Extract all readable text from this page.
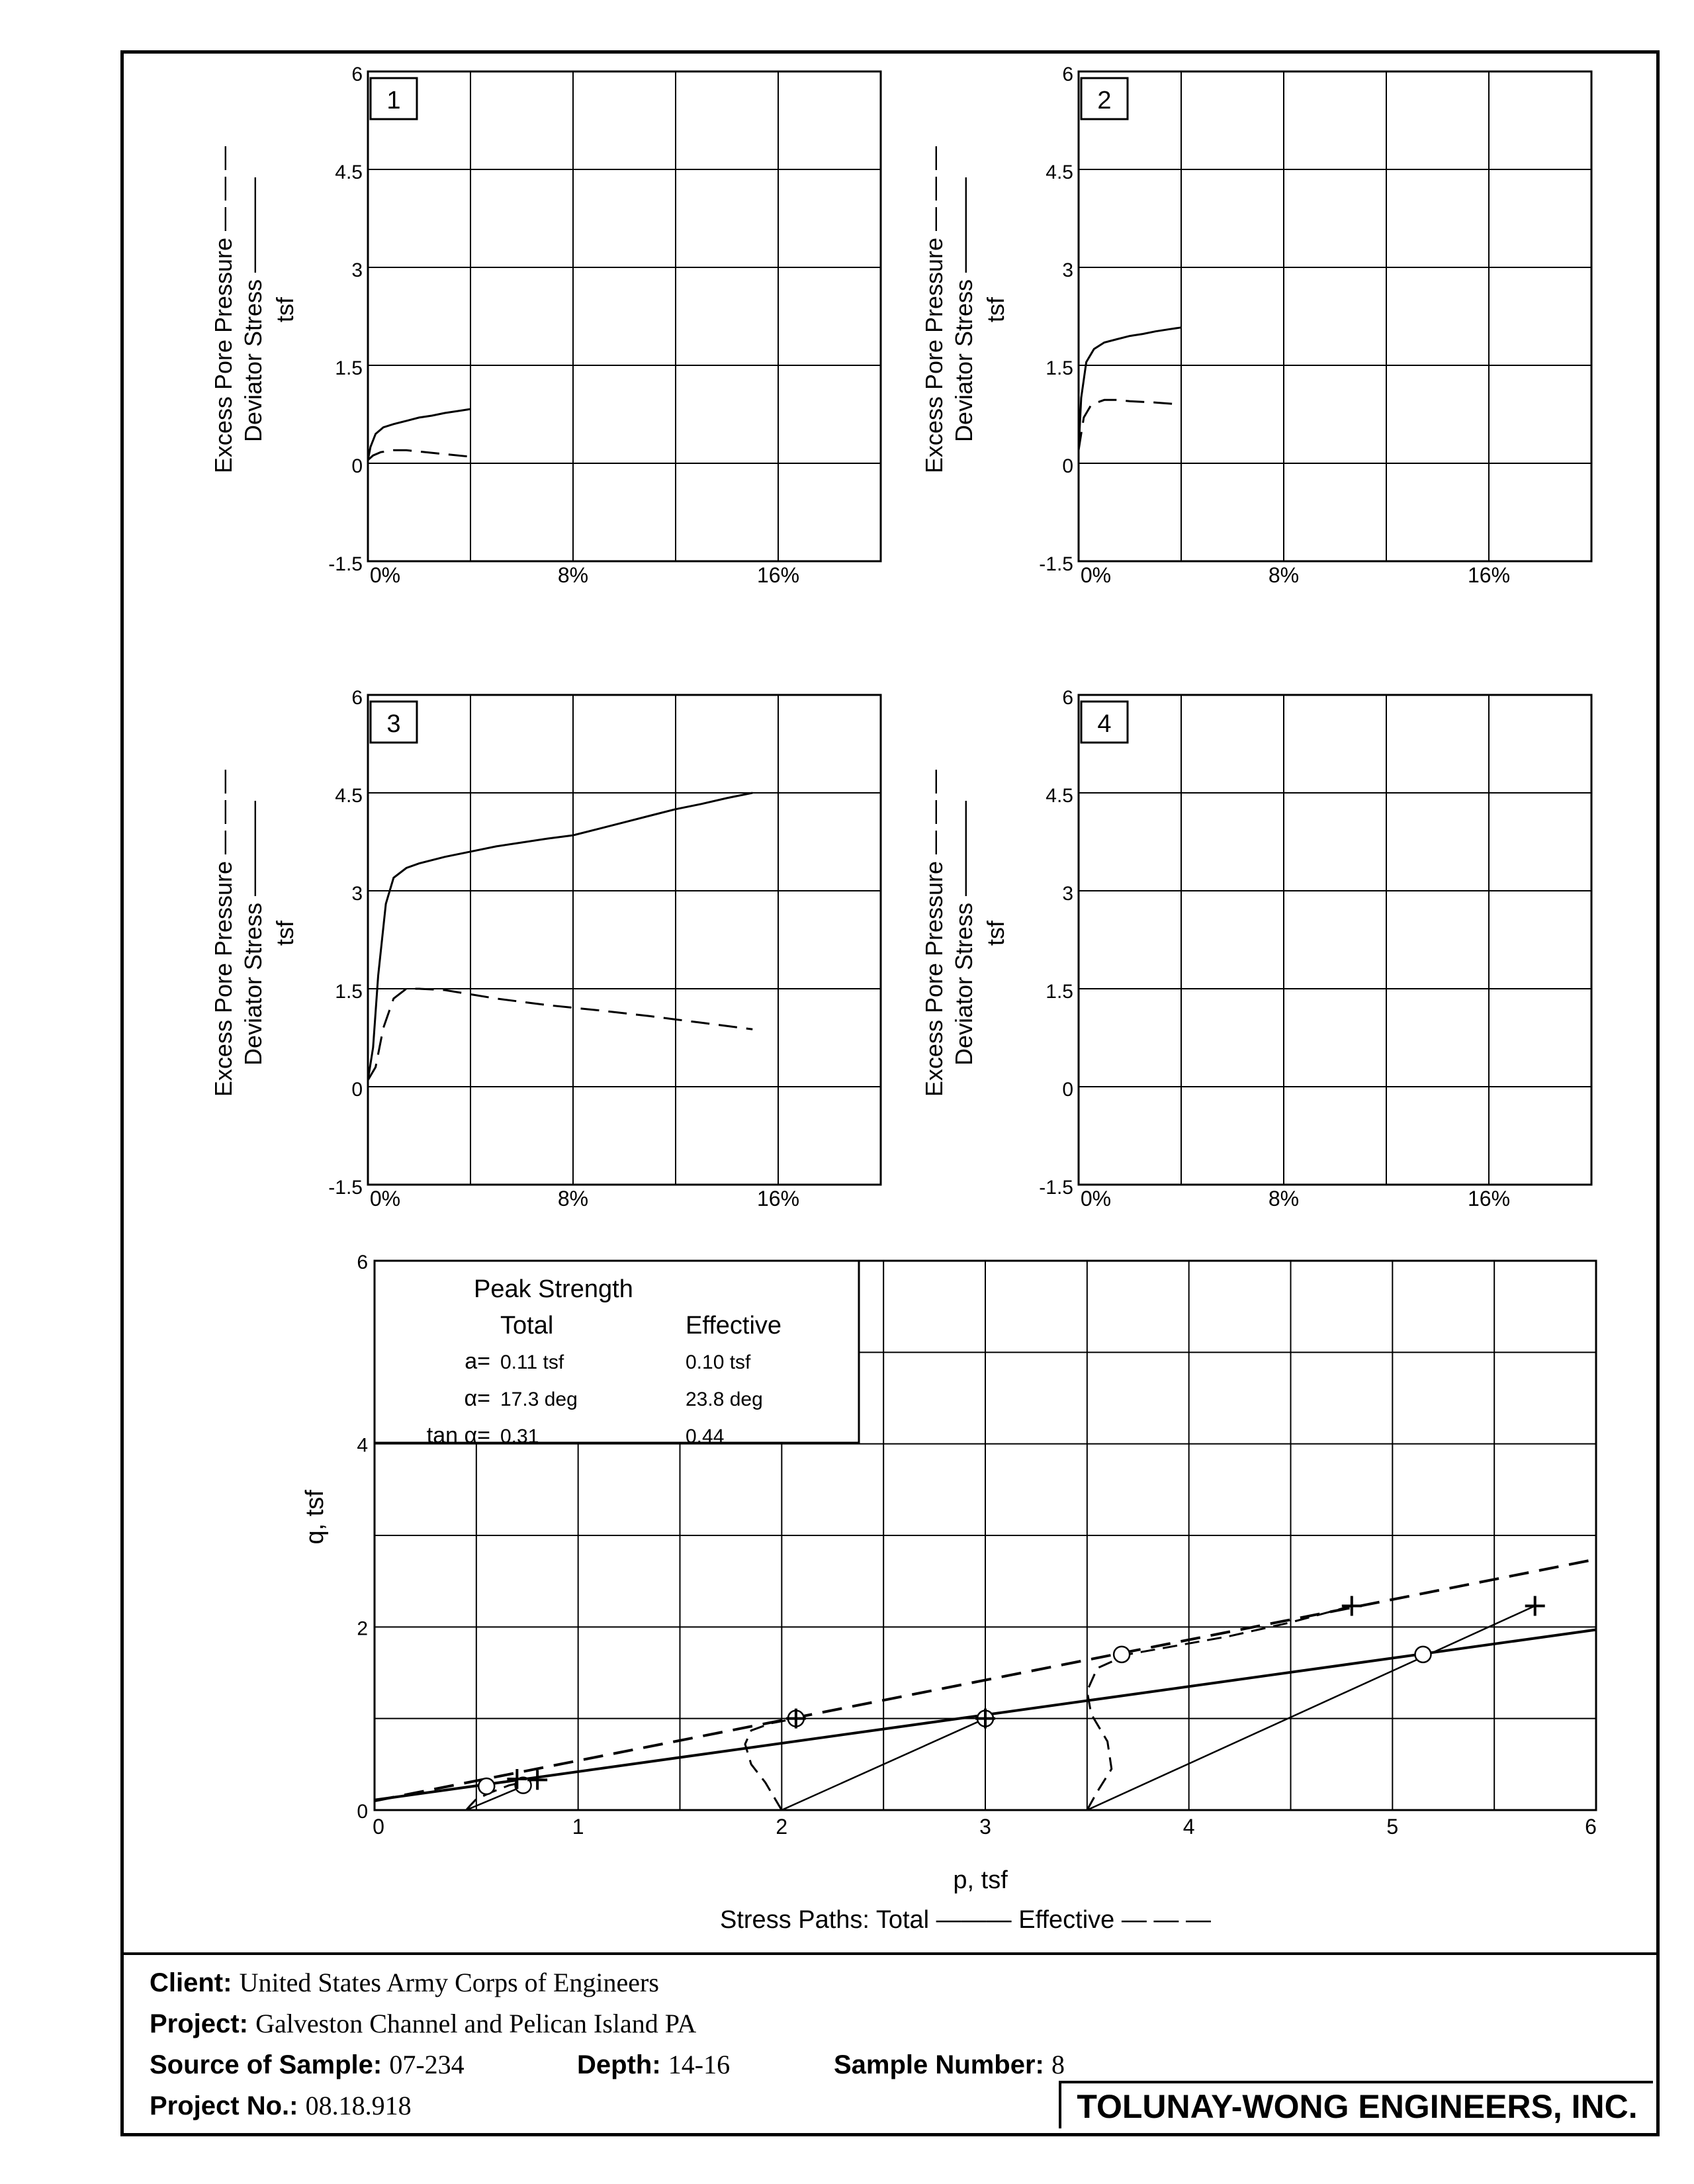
1
6
4.5
3
1.5
0
-1.5 0%	8%	16%
Excess Pore Pressure — — — Deviator Stress ———— tsf
2
6
4.5
3
1.5
0
-1.5 0%	8%	16%
Excess Pore Pressure — — — Deviator Stress ———— tsf
3
6
4.5
3
1.5
0
-1.5 0%	8%	16%
Excess Pore Pressure — — — Deviator Stress ———— tsf
4
6
4.5
3
1.5
0
-1.5 0%	8%	16%
Excess Pore Pressure — — — Deviator Stress ———— tsf
Peak Strength
Total	Effective
a= 0.11 tsf	0.10 tsf
α= 17.3 deg	23.8 deg
tan α= 0.31	0.44
0
2
4
6
0	1	2	3	4	5	6
p, tsf
q, tsf
Stress Paths: Total ——— Effective — — —
Client: United States Army Corps of Engineers
Project: Galveston Channel and Pelican Island PA
Source of Sample: 07-234	Depth: 14-16	Sample Number: 8
Project No.: 08.18.918	TOLUNAY-WONG ENGINEERS, INC.
